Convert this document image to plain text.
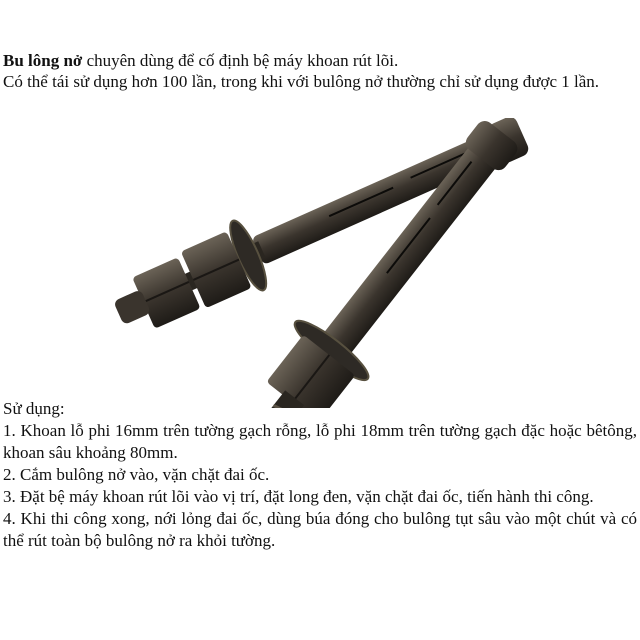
Bu lông nở chuyên dùng để cố định bệ máy khoan rút lõi.

Có thể tái sử dụng hơn 100 lần, trong khi với bulông nở thường chỉ sử dụng được 1 lần.

Sử dụng:

1. Khoan lỗ phi 16mm trên tường gạch rỗng, lỗ phi 18mm trên tường gạch đặc hoặc bêtông, khoan sâu khoảng 80mm.

2. Cắm bulông nở vào, vặn chặt đai ốc.

3. Đặt bệ máy khoan rút lõi vào vị trí, đặt long đen, vặn chặt đai ốc, tiến hành thi công.

4. Khi thi công xong, nới lỏng đai ốc, dùng búa đóng cho bulông tụt sâu vào một chút và có thể rút toàn bộ bulông nở ra khỏi tường.
